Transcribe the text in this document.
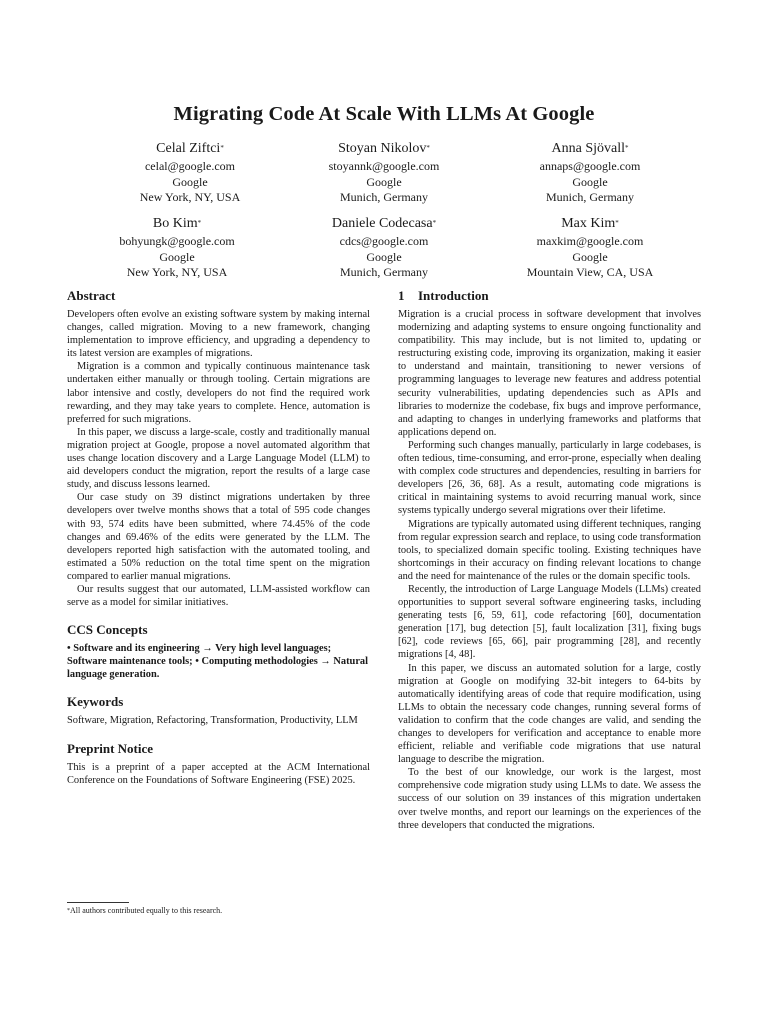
Migrating Code At Scale With LLMs At Google
Celal Ziftci*
celal@google.com
Google
New York, NY, USA
Stoyan Nikolov*
stoyannk@google.com
Google
Munich, Germany
Anna Sjövall*
annaps@google.com
Google
Munich, Germany
Bo Kim*
bohyungk@google.com
Google
New York, NY, USA
Daniele Codecasa*
cdcs@google.com
Google
Munich, Germany
Max Kim*
maxkim@google.com
Google
Mountain View, CA, USA
Abstract

Developers often evolve an existing software system by making internal changes, called migration. Moving to a new framework, changing implementation to improve efficiency, and upgrading a dependency to its latest version are examples of migrations.

Migration is a common and typically continuous maintenance task undertaken either manually or through tooling. Certain migrations are labor intensive and costly, developers do not find the required work rewarding, and they may take years to complete. Hence, automation is preferred for such migrations.

In this paper, we discuss a large-scale, costly and traditionally manual migration project at Google, propose a novel automated algorithm that uses change location discovery and a Large Language Model (LLM) to aid developers conduct the migration, report the results of a large case study, and discuss lessons learned.

Our case study on 39 distinct migrations undertaken by three developers over twelve months shows that a total of 595 code changes with 93, 574 edits have been submitted, where 74.45% of the code changes and 69.46% of the edits were generated by the LLM. The developers reported high satisfaction with the automated tooling, and estimated a 50% reduction on the total time spent on the migration compared to earlier manual migrations.

Our results suggest that our automated, LLM-assisted workflow can serve as a model for similar initiatives.

CCS Concepts

• Software and its engineering → Very high level languages; Software maintenance tools; • Computing methodologies → Natural language generation.

Keywords

Software, Migration, Refactoring, Transformation, Productivity, LLM

Preprint Notice

This is a preprint of a paper accepted at the ACM International Conference on the Foundations of Software Engineering (FSE) 2025.

1 Introduction

Migration is a crucial process in software development that involves modernizing and adapting systems to ensure ongoing functionality and compatibility. This may include, but is not limited to, updating or restructuring existing code, improving its organization, making it easier to understand and maintain, transitioning to newer versions of programming languages to leverage new features and address potential security vulnerabilities, updating dependencies such as APIs and libraries to modernize the codebase, fix bugs and improve performance, and adapting to changes in underlying frameworks and platforms that applications depend on.

Performing such changes manually, particularly in large codebases, is often tedious, time-consuming, and error-prone, especially when dealing with complex code structures and dependencies, resulting in barriers for developers [26, 36, 68]. As a result, automating code migrations is critical in maintaining systems to avoid recurring manual work, since systems typically undergo several migrations over their lifetime.

Migrations are typically automated using different techniques, ranging from regular expression search and replace, to using code transformation tools, to specialized domain specific tooling. Existing techniques have shortcomings in their accuracy on finding relevant locations to change and the need for maintenance of the rules or the domain specific tools.

Recently, the introduction of Large Language Models (LLMs) created opportunities to support several software engineering tasks, including generating tests [6, 59, 61], code refactoring [60], documentation generation [17], bug detection [5], fault localization [31], fixing bugs [62], code reviews [65, 66], pair programming [28], and recently migrations [4, 48].

In this paper, we discuss an automated solution for a large, costly migration at Google on modifying 32-bit integers to 64-bits by automatically identifying areas of code that require modification, using LLMs to obtain the necessary code changes, running several forms of validation to confirm that the code changes are valid, and sending the changes to developers for verification and acceptance to enable more efficient, reliable and verifiable code migrations that use natural language to describe the migration.

To the best of our knowledge, our work is the largest, most comprehensive code migration study using LLMs to date. We assess the success of our solution on 39 instances of this migration undertaken over twelve months, and report our learnings on the experiences of the three developers that conducted the migrations.

*All authors contributed equally to this research.
